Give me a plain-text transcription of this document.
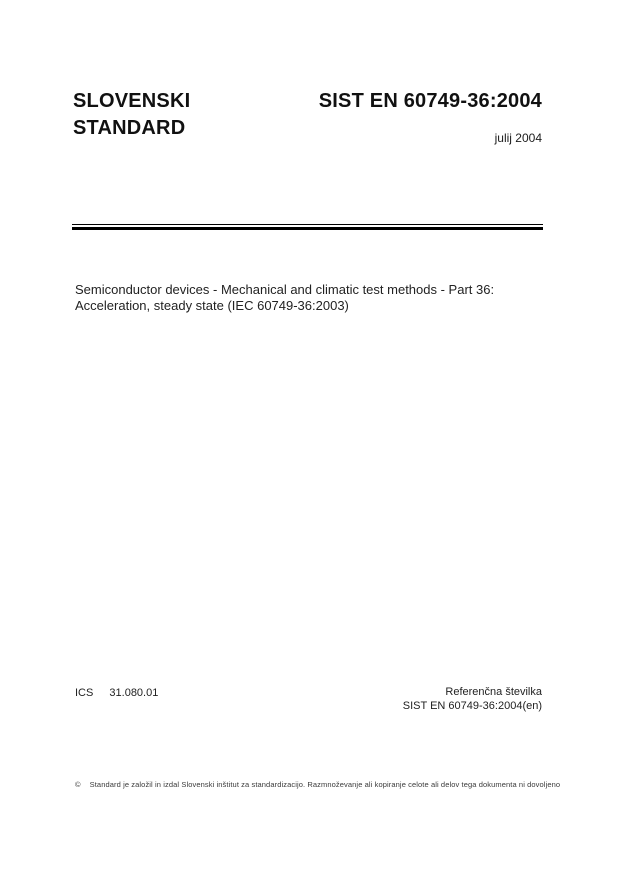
SLOVENSKI
STANDARD
SIST EN 60749-36:2004
julij 2004
Semiconductor devices - Mechanical and climatic test methods - Part 36:
Acceleration, steady state (IEC 60749-36:2003)
ICS 31.080.01	Referenčna številka
SIST EN 60749-36:2004(en)
© Standard je založil in izdal Slovenski inštitut za standardizacijo. Razmnoževanje ali kopiranje celote ali delov tega dokumenta ni dovoljeno
